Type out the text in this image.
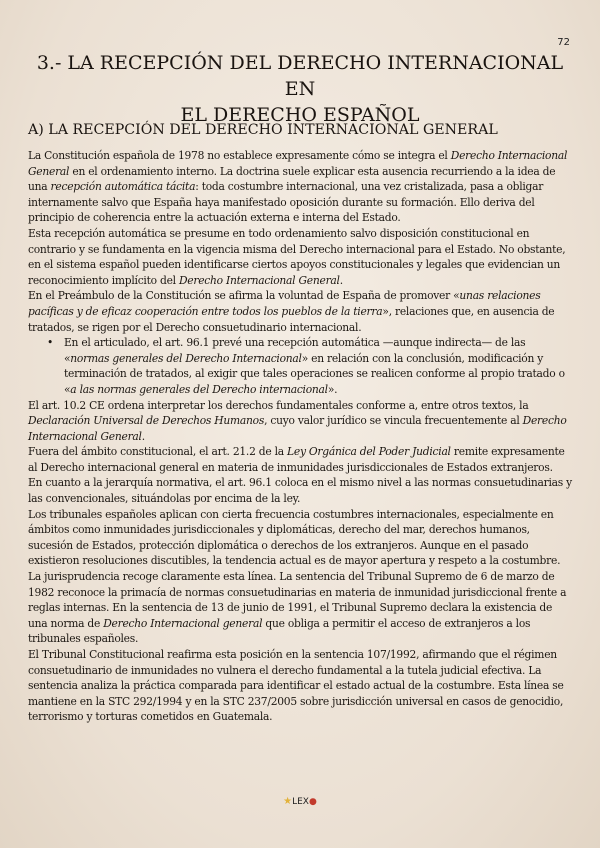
72
3.- LA RECEPCIÓN DEL DERECHO INTERNACIONAL EN
EL DERECHO ESPAÑOL
A) LA RECEPCIÓN DEL DERECHO INTERNACIONAL GENERAL

La Constitución española de 1978 no establece expresamente cómo se integra el Derecho Internacional General en el ordenamiento interno. La doctrina suele explicar esta ausencia recurriendo a la idea de una recepción automática tácita: toda costumbre internacional, una vez cristalizada, pasa a obligar internamente salvo que España haya manifestado oposición durante su formación. Ello deriva del principio de coherencia entre la actuación externa e interna del Estado.

Esta recepción automática se presume en todo ordenamiento salvo disposición constitucional en contrario y se fundamenta en la vigencia misma del Derecho internacional para el Estado. No obstante, en el sistema español pueden identificarse ciertos apoyos constitucionales y legales que evidencian un reconocimiento implícito del Derecho Internacional General.

En el Preámbulo de la Constitución se afirma la voluntad de España de promover «unas relaciones pacíficas y de eficaz cooperación entre todos los pueblos de la tierra», relaciones que, en ausencia de tratados, se rigen por el Derecho consuetudinario internacional.

• En el articulado, el art. 96.1 prevé una recepción automática —aunque indirecta— de las «normas generales del Derecho Internacional» en relación con la conclusión, modificación y terminación de tratados, al exigir que tales operaciones se realicen conforme al propio tratado o «a las normas generales del Derecho internacional».

El art. 10.2 CE ordena interpretar los derechos fundamentales conforme a, entre otros textos, la Declaración Universal de Derechos Humanos, cuyo valor jurídico se vincula frecuentemente al Derecho Internacional General.

Fuera del ámbito constitucional, el art. 21.2 de la Ley Orgánica del Poder Judicial remite expresamente al Derecho internacional general en materia de inmunidades jurisdiccionales de Estados extranjeros.

En cuanto a la jerarquía normativa, el art. 96.1 coloca en el mismo nivel a las normas consuetudinarias y las convencionales, situándolas por encima de la ley.

Los tribunales españoles aplican con cierta frecuencia costumbres internacionales, especialmente en ámbitos como inmunidades jurisdiccionales y diplomáticas, derecho del mar, derechos humanos, sucesión de Estados, protección diplomática o derechos de los extranjeros. Aunque en el pasado existieron resoluciones discutibles, la tendencia actual es de mayor apertura y respeto a la costumbre.

La jurisprudencia recoge claramente esta línea. La sentencia del Tribunal Supremo de 6 de marzo de 1982 reconoce la primacía de normas consuetudinarias en materia de inmunidad jurisdiccional frente a reglas internas. En la sentencia de 13 de junio de 1991, el Tribunal Supremo declara la existencia de una norma de Derecho Internacional general que obliga a permitir el acceso de extranjeros a los tribunales españoles.

El Tribunal Constitucional reafirma esta posición en la sentencia 107/1992, afirmando que el régimen consuetudinario de inmunidades no vulnera el derecho fundamental a la tutela judicial efectiva. La sentencia analiza la práctica comparada para identificar el estado actual de la costumbre. Esta línea se mantiene en la STC 292/1994 y en la STC 237/2005 sobre jurisdicción universal en casos de genocidio, terrorismo y torturas cometidos en Guatemala.

★LEX●
